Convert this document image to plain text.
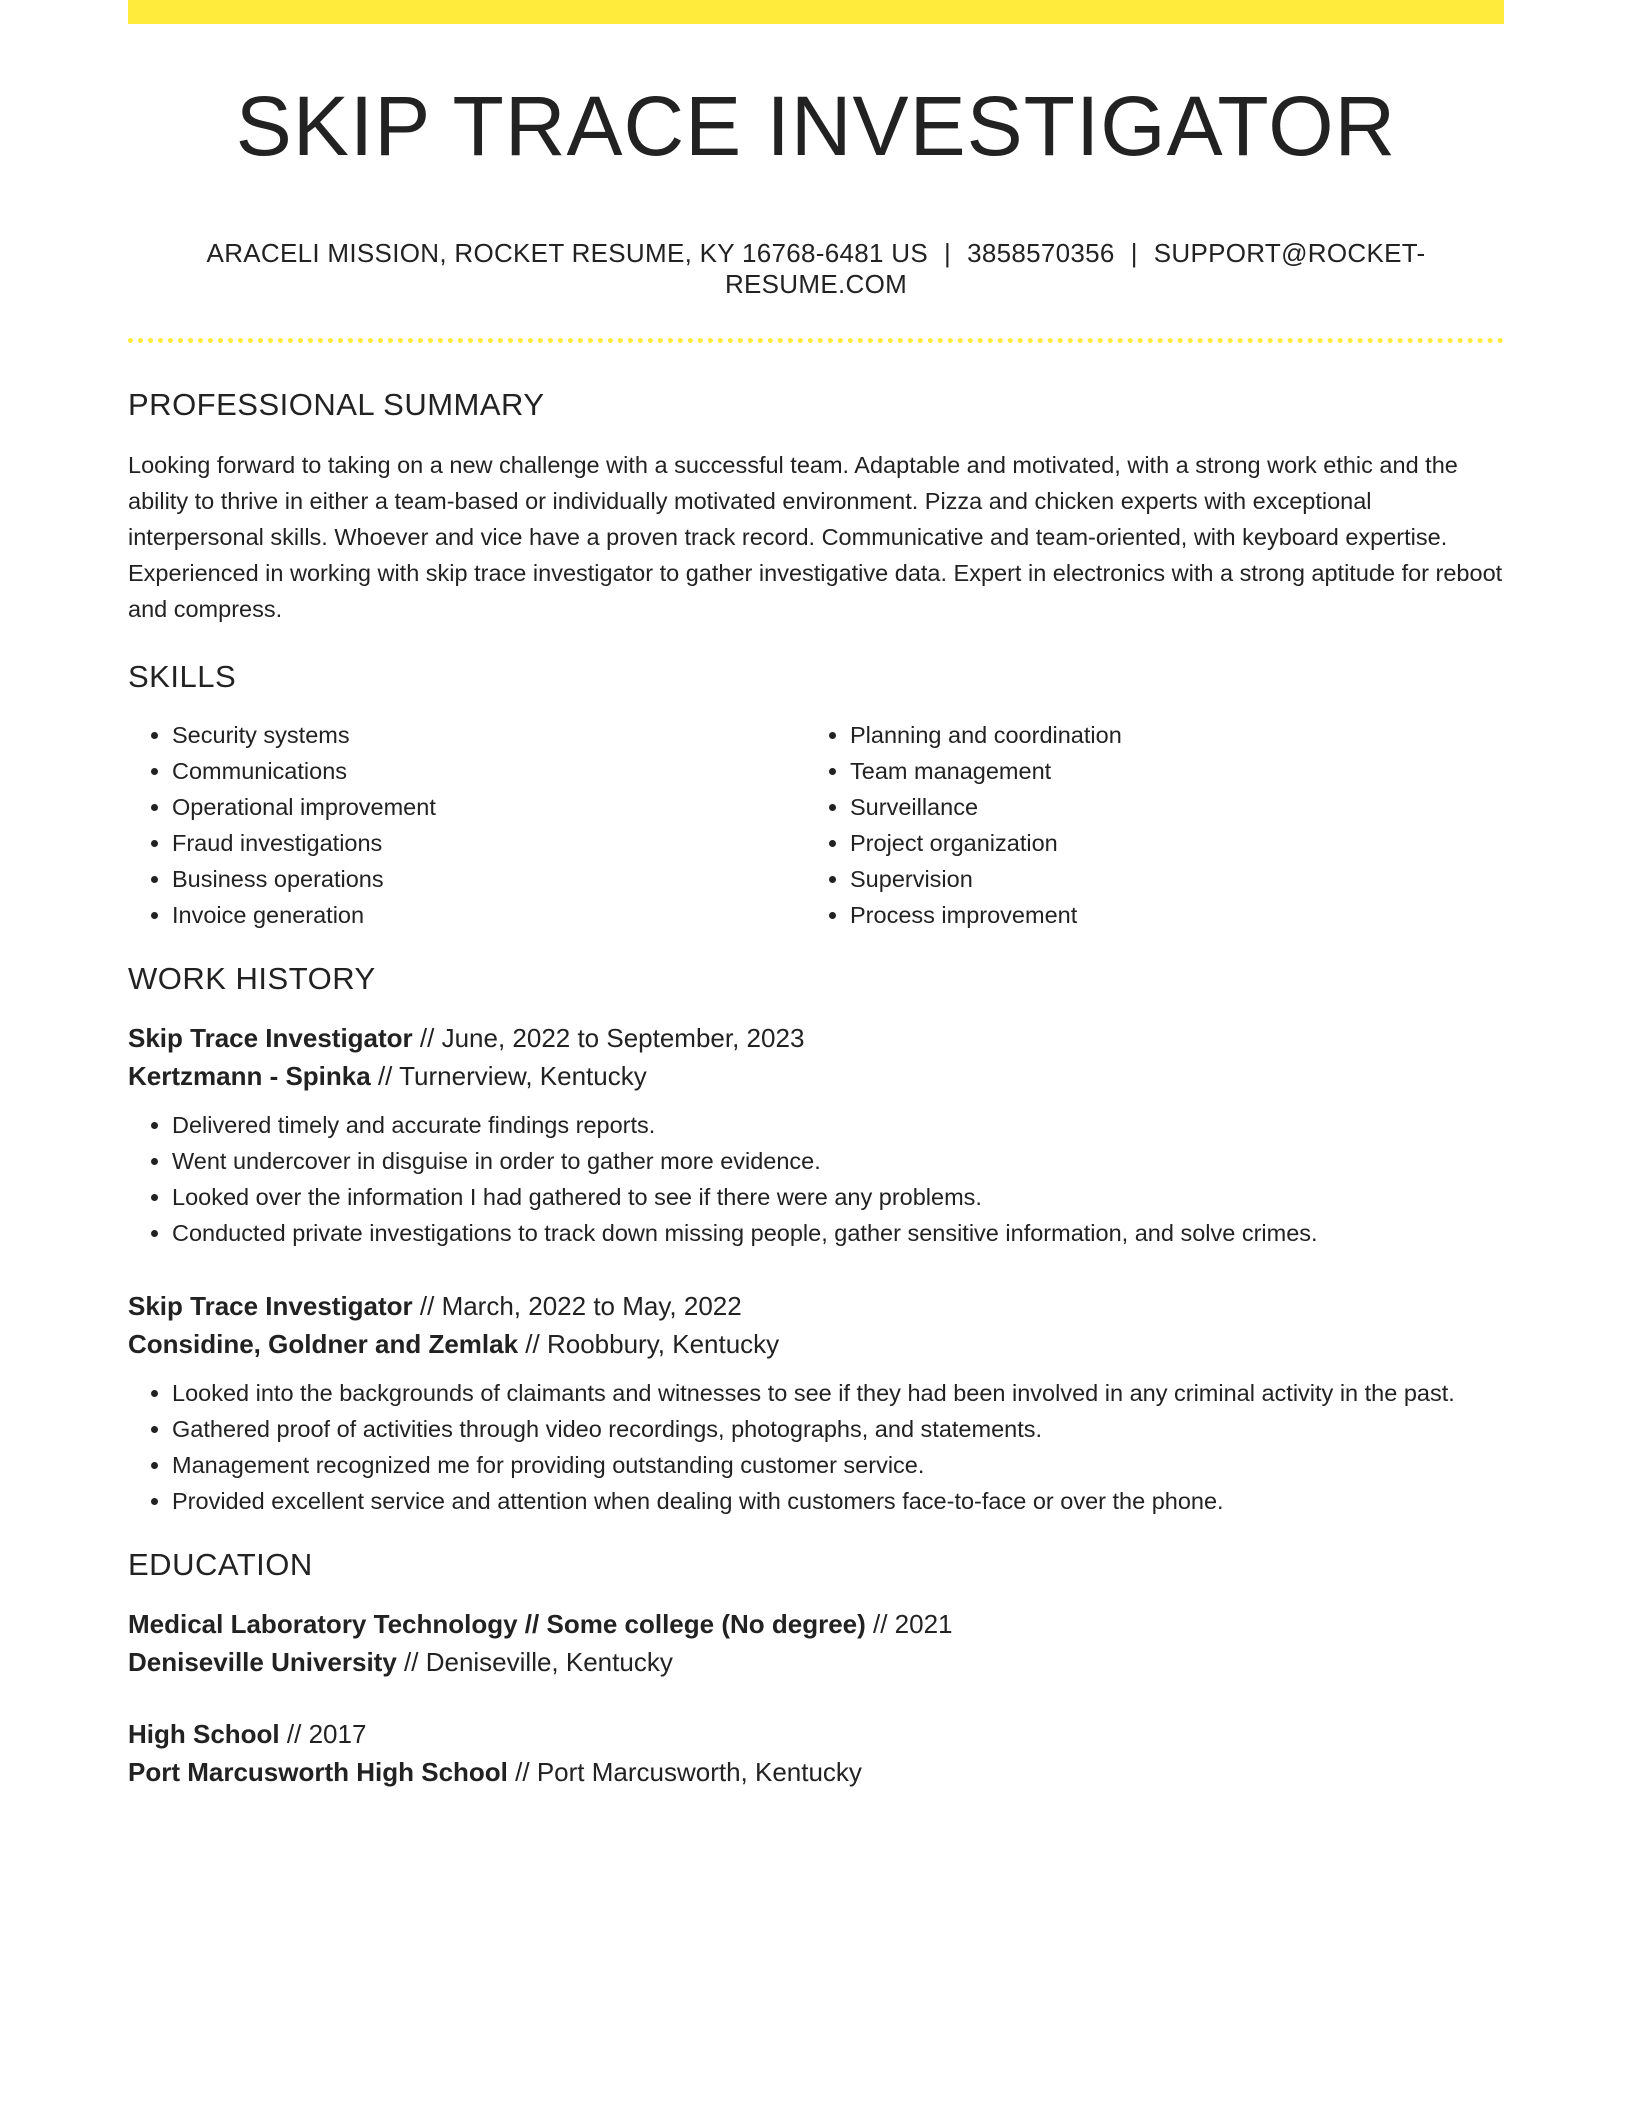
SKIP TRACE INVESTIGATOR
ARACELI MISSION, ROCKET RESUME, KY 16768-6481 US | 3858570356 | SUPPORT@ROCKET-RESUME.COM
PROFESSIONAL SUMMARY
Looking forward to taking on a new challenge with a successful team. Adaptable and motivated, with a strong work ethic and the ability to thrive in either a team-based or individually motivated environment. Pizza and chicken experts with exceptional interpersonal skills. Whoever and vice have a proven track record. Communicative and team-oriented, with keyboard expertise. Experienced in working with skip trace investigator to gather investigative data. Expert in electronics with a strong aptitude for reboot and compress.
SKILLS
• Security systems
• Communications
• Operational improvement
• Fraud investigations
• Business operations
• Invoice generation
• Planning and coordination
• Team management
• Surveillance
• Project organization
• Supervision
• Process improvement
WORK HISTORY
Skip Trace Investigator // June, 2022 to September, 2023
Kertzmann - Spinka // Turnerview, Kentucky
• Delivered timely and accurate findings reports.
• Went undercover in disguise in order to gather more evidence.
• Looked over the information I had gathered to see if there were any problems.
• Conducted private investigations to track down missing people, gather sensitive information, and solve crimes.
Skip Trace Investigator // March, 2022 to May, 2022
Considine, Goldner and Zemlak // Roobbury, Kentucky
• Looked into the backgrounds of claimants and witnesses to see if they had been involved in any criminal activity in the past.
• Gathered proof of activities through video recordings, photographs, and statements.
• Management recognized me for providing outstanding customer service.
• Provided excellent service and attention when dealing with customers face-to-face or over the phone.
EDUCATION
Medical Laboratory Technology // Some college (No degree) // 2021
Deniseville University // Deniseville, Kentucky
High School // 2017
Port Marcusworth High School // Port Marcusworth, Kentucky
